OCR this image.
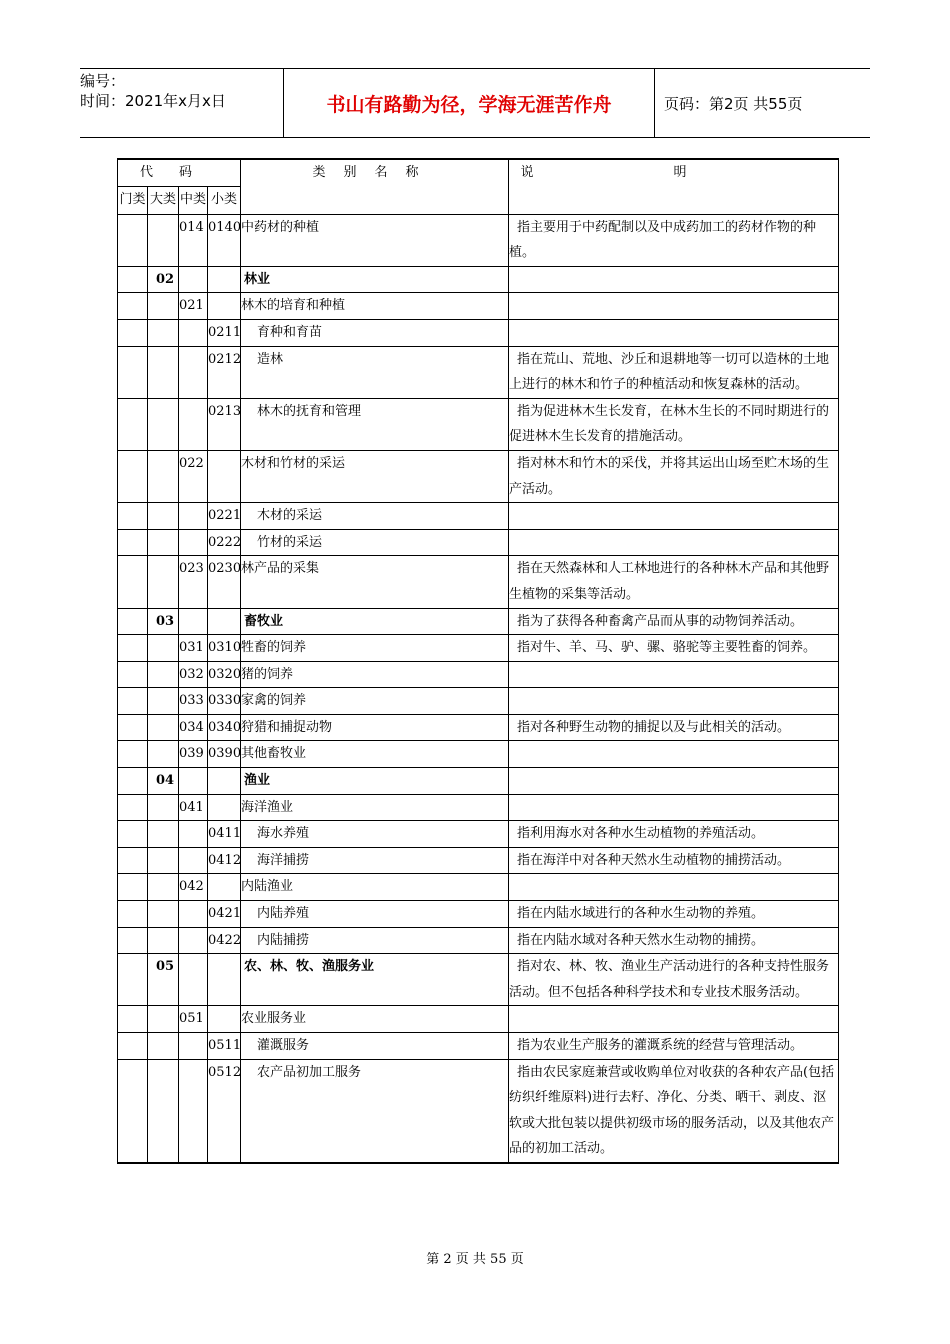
编号：
时间：2021年x月x日	书山有路勤为径，学海无涯苦作舟	页码：第2页 共55页
代码				类别名称	说明
门类	大类	中类	小类		
		014	0140	中药材的种植	指主要用于中药配制以及中成药加工的药材作物的种植。
	02			林业	
		021		林木的培育和种植	
			0211	育种和育苗	
			0212	造林	指在荒山、荒地、沙丘和退耕地等一切可以造林的土地上进行的林木和竹子的种植活动和恢复森林的活动。
			0213	林木的抚育和管理	指为促进林木生长发育，在林木生长的不同时期进行的促进林木生长发育的措施活动。
		022		木材和竹材的采运	指对林木和竹木的采伐，并将其运出山场至贮木场的生产活动。
			0221	木材的采运	
			0222	竹材的采运	
		023	0230	林产品的采集	指在天然森林和人工林地进行的各种林木产品和其他野生植物的采集等活动。
	03			畜牧业	指为了获得各种畜禽产品而从事的动物饲养活动。
		031	0310	牲畜的饲养	指对牛、羊、马、驴、骡、骆驼等主要牲畜的饲养。
		032	0320	猪的饲养	
		033	0330	家禽的饲养	
		034	0340	狩猎和捕捉动物	指对各种野生动物的捕捉以及与此相关的活动。
		039	0390	其他畜牧业	
	04			渔业	
		041		海洋渔业	
			0411	海水养殖	指利用海水对各种水生动植物的养殖活动。
			0412	海洋捕捞	指在海洋中对各种天然水生动植物的捕捞活动。
		042		内陆渔业	
			0421	内陆养殖	指在内陆水域进行的各种水生动物的养殖。
			0422	内陆捕捞	指在内陆水域对各种天然水生动物的捕捞。
	05			农、林、牧、渔服务业	指对农、林、牧、渔业生产活动进行的各种支持性服务活动。但不包括各种科学技术和专业技术服务活动。
		051		农业服务业	
			0511	灌溉服务	指为农业生产服务的灌溉系统的经营与管理活动。
			0512	农产品初加工服务	指由农民家庭兼营或收购单位对收获的各种农产品(包括纺织纤维原料)进行去籽、净化、分类、晒干、剥皮、沤软或大批包装以提供初级市场的服务活动，以及其他农产品的初加工活动。
第 2 页 共 55 页
